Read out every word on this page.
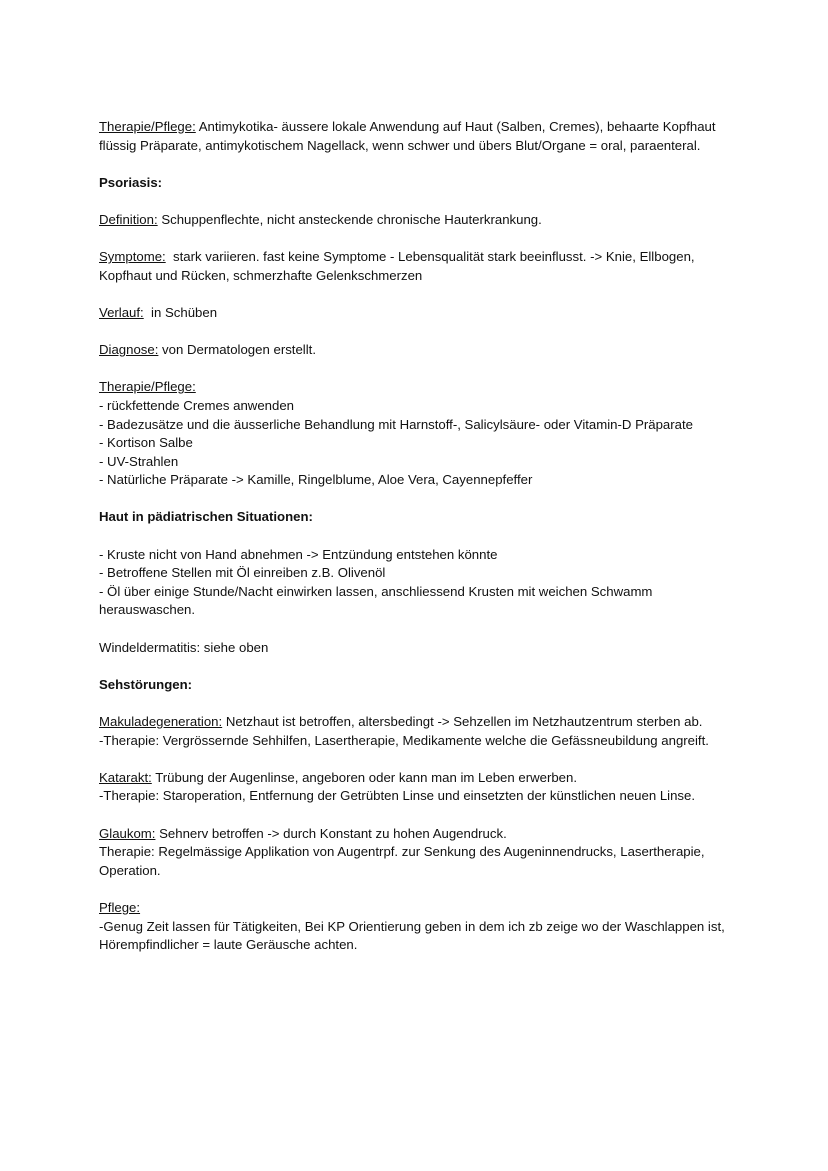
Therapie/Pflege: Antimykotika- äussere lokale Anwendung auf Haut (Salben, Cremes), behaarte Kopfhaut flüssig Präparate, antimykotischem Nagellack, wenn schwer und übers Blut/Organe = oral, paraenteral.

Psoriasis:

Definition: Schuppenflechte, nicht ansteckende chronische Hauterkrankung.

Symptome:  stark variieren. fast keine Symptome - Lebensqualität stark beeinflusst. -> Knie, Ellbogen, Kopfhaut und Rücken, schmerzhafte Gelenkschmerzen

Verlauf:  in Schüben

Diagnose: von Dermatologen erstellt.

Therapie/Pflege:
- rückfettende Cremes anwenden
- Badezusätze und die äusserliche Behandlung mit Harnstoff-, Salicylsäure- oder Vitamin-D Präparate
- Kortison Salbe
- UV-Strahlen
- Natürliche Präparate -> Kamille, Ringelblume, Aloe Vera, Cayennepfeffer

Haut in pädiatrischen Situationen:

- Kruste nicht von Hand abnehmen -> Entzündung entstehen könnte
- Betroffene Stellen mit Öl einreiben z.B. Olivenöl
- Öl über einige Stunde/Nacht einwirken lassen, anschliessend Krusten mit weichen Schwamm herauswaschen.

Windeldermatitis: siehe oben

Sehstörungen:

Makuladegeneration: Netzhaut ist betroffen, altersbedingt -> Sehzellen im Netzhautzentrum sterben ab.
-Therapie: Vergrössernde Sehhilfen, Lasertherapie, Medikamente welche die Gefässneubildung angreift.

Katarakt: Trübung der Augenlinse, angeboren oder kann man im Leben erwerben.
-Therapie: Staroperation, Entfernung der Getrübten Linse und einsetzten der künstlichen neuen Linse.

Glaukom: Sehnerv betroffen -> durch Konstant zu hohen Augendruck.
Therapie: Regelmässige Applikation von Augentrpf. zur Senkung des Augeninnendrucks, Lasertherapie, Operation.

Pflege:
-Genug Zeit lassen für Tätigkeiten, Bei KP Orientierung geben in dem ich zb zeige wo der Waschlappen ist,  Hörempfindlicher = laute Geräusche achten.
